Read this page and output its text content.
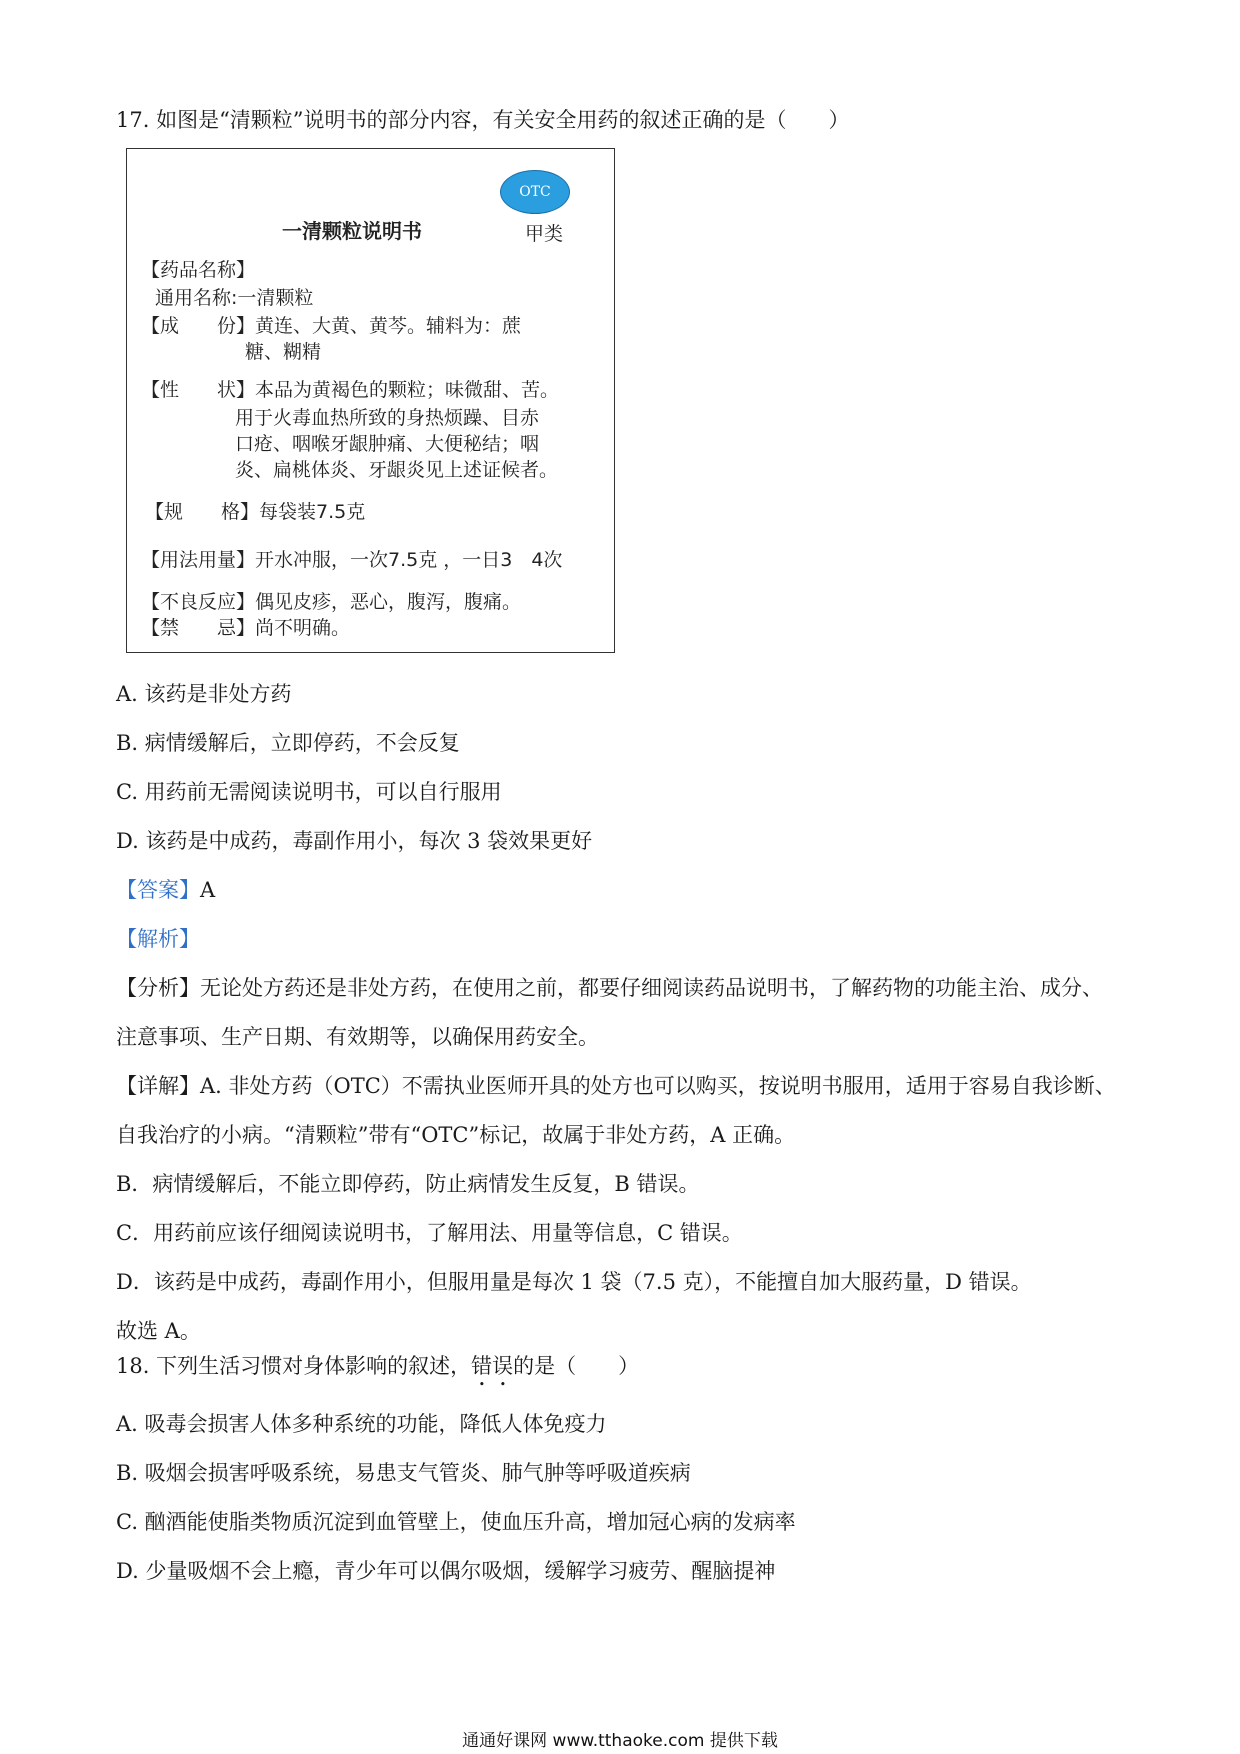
17. 如图是“清颗粒”说明书的部分内容，有关安全用药的叙述正确的是（　　）
OTC
甲类
一清颗粒说明书
【药品名称】
通用名称:一清颗粒
【成　　份】黄连、大黄、黄芩。辅料为：蔗
糖、糊精
【性　　状】本品为黄褐色的颗粒；味微甜、苦。
用于火毒血热所致的身热烦躁、目赤
口疮、咽喉牙龈肿痛、大便秘结；咽
炎、扁桃体炎、牙龈炎见上述证候者。
【规　　格】每袋装7.5克
【用法用量】开水冲服，一次7.5克 ，一日3　4次
【不良反应】偶见皮疹，恶心，腹泻，腹痛。
【禁　　忌】尚不明确。
A. 该药是非处方药
B. 病情缓解后，立即停药，不会反复
C. 用药前无需阅读说明书，可以自行服用
D. 该药是中成药，毒副作用小，每次 3 袋效果更好
【答案】A
【解析】
【分析】无论处方药还是非处方药，在使用之前，都要仔细阅读药品说明书，了解药物的功能主治、成分、
注意事项、生产日期、有效期等，以确保用药安全。
【详解】A. 非处方药（OTC）不需执业医师开具的处方也可以购买，按说明书服用，适用于容易自我诊断、
自我治疗的小病。“清颗粒”带有“OTC”标记，故属于非处方药，A 正确。
B．病情缓解后，不能立即停药，防止病情发生反复，B 错误。
C．用药前应该仔细阅读说明书，了解用法、用量等信息，C 错误。
D．该药是中成药，毒副作用小，但服用量是每次 1 袋（7.5 克），不能擅自加大服药量，D 错误。
故选 A。
18. 下列生活习惯对身体影响的叙述，错误的是（　　）
A. 吸毒会损害人体多种系统的功能，降低人体免疫力
B. 吸烟会损害呼吸系统，易患支气管炎、肺气肿等呼吸道疾病
C. 酗酒能使脂类物质沉淀到血管壁上，使血压升高，增加冠心病的发病率
D. 少量吸烟不会上瘾，青少年可以偶尔吸烟，缓解学习疲劳、醒脑提神
通通好课网 www.tthaoke.com 提供下载
